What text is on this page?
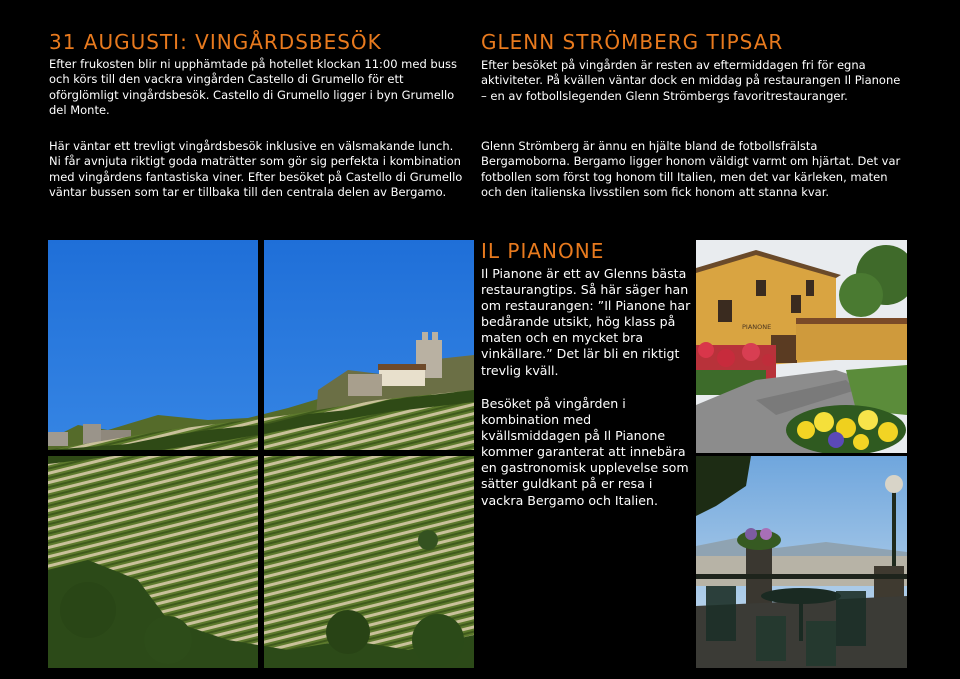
31 AUGUSTI: VINGÅRDSBESÖK

Efter frukosten blir ni upphämtade på hotellet klockan 11:00 med buss och körs till den vackra vingården Castello di Grumello för ett oförglömligt vingårdsbesök. Castello di Grumello ligger i byn Grumello del Monte.

Här väntar ett trevligt vingårdsbesök inklusive en välsmakande lunch. Ni får avnjuta riktigt goda maträtter som gör sig perfekta i kombination med vingårdens fantastiska viner. Efter besöket på Castello di Grumello väntar bussen som tar er tillbaka till den centrala delen av Bergamo.

GLENN STRÖMBERG TIPSAR

Efter besöket på vingården är resten av eftermiddagen fri för egna aktiviteter. På kvällen väntar dock en middag på restaurangen Il Pianone – en av fotbollslegenden Glenn Strömbergs favoritrestauranger.

Glenn Strömberg är ännu en hjälte bland de fotbollsfrälsta Bergamoborna. Bergamo ligger honom väldigt varmt om hjärtat. Det var fotbollen som först tog honom till Italien, men det var kärleken, maten och den italienska livsstilen som fick honom att stanna kvar.

IL PIANONE

Il Pianone är ett av Glenns bästa restaurangtips. Så här säger han om restaurangen: ”Il Pianone har bedårande utsikt, hög klass på maten och en mycket bra vinkällare.” Det lär bli en riktigt trevlig kväll.

Besöket på vingården i kombination med kvällsmiddagen på Il Pianone kommer garanterat att innebära en gastronomisk upplevelse som sätter guldkant på er resa i vackra Bergamo och Italien.

PIANONE
